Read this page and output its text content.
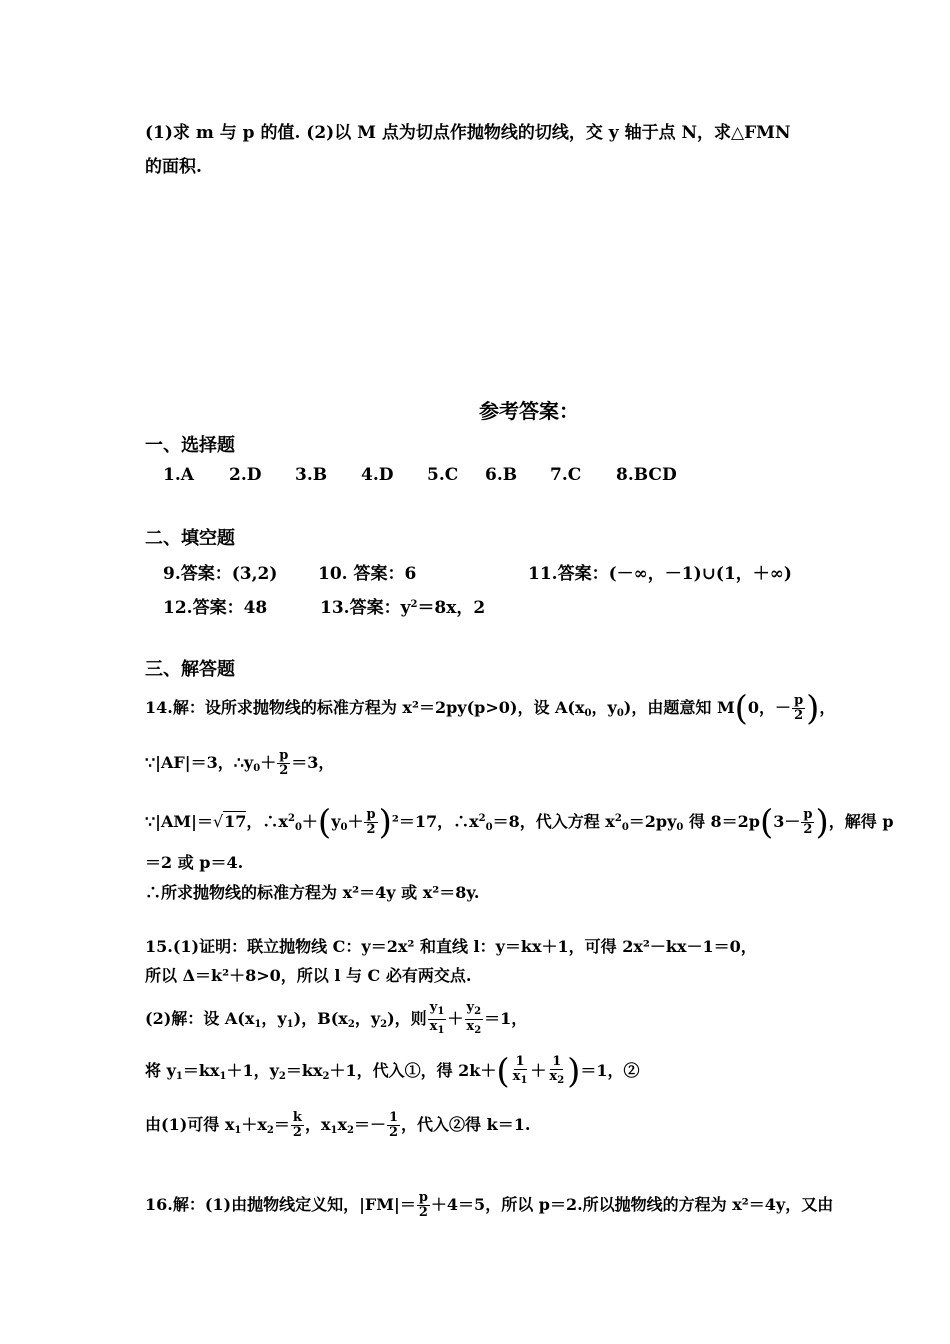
(1)求 m 与 p 的值. (2)以 M 点为切点作抛物线的切线，交 y 轴于点 N，求△FMN
的面积.
参考答案：
一、选择题
1.A 2.D 3.B 4.D 5.C 6.B 7.C 8.BCD
二、填空题
9.答案：(3,2) 10. 答案：6	11.答案：(－∞，－1)∪(1，＋∞)
12.答案：48	13.答案：$y^2=8x$，2
三、解答题
14.解：设所求抛物线的标准方程为 x²＝2py(p>0)，设 $A(x_0$，$y_0$)，由题意知 M(0，－ $\frac{p}{2}$ )，
∵|AF|＝3，$\therefore y_0+ \frac{p}{2} =3$，
∵|AM|＝√17，$\therefore x^2_0+(y_0+ \frac{p}{2} )^2=17$，$\therefore x^2_0=8$，代入方程 $x^2_0=2py_0$ 得 $8=2p(3- \frac{p}{2}$ )，解得 p
＝2 或 p＝4.
∴所求抛物线的标准方程为 x²＝4y 或 x²＝8y.
15.(1)证明：联立抛物线 C：y＝2x² 和直线 l：y＝kx＋1，可得 2x²－kx－1＝0，
所以 Δ＝k²＋8>0，所以 l 与 C 必有两交点.
(2)解：设 $A(x_1$，$y_1$)，$B(x_2$，$y_2$)，则 $\frac{y_1}{x_1} + \frac{y_2}{x_2} =1$，
将 $y_1=kx_1+1$，$y_2=kx_2+1$，代入①，得 $2k+( \frac{1}{x_1} + \frac{1}{x_2} )=1$，②
由(1)可得 $x_1+x_2= \frac{k}{2}$ ，$x_1x_2=- \frac{1}{2}$ ，代入②得 k＝1.
16.解：(1)由抛物线定义知，$|FM|= \frac{p}{2} +4=5$，所以 p＝2.所以抛物线的方程为 x²＝4y，又由
